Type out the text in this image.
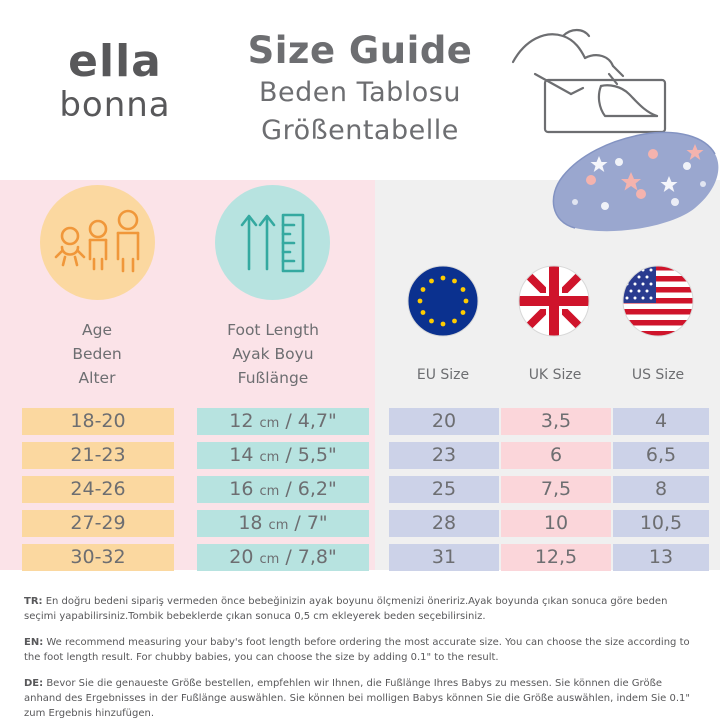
ella
bonna
Size Guide
Beden Tablosu
Größentabelle
Age
Beden
Alter
Foot Length
Ayak Boyu
Fußlänge
18-20
21-23
24-26
27-29
30-32
12 cm / 4,7"
14 cm / 5,5"
16 cm / 6,2"
18 cm / 7"
20 cm / 7,8"
EU Size	UK Size	US Size
20
23
25
28
31
3,5
6
7,5
10
12,5
4
6,5
8
10,5
13
TR: En doğru bedeni sipariş vermeden önce bebeğinizin ayak boyunu ölçmenizi öneririz.Ayak boyunda çıkan sonuca göre beden seçimi yapabilirsiniz.Tombik bebeklerde çıkan sonuca 0,5 cm ekleyerek beden seçebilirsiniz.
EN: We recommend measuring your baby's foot length before ordering the most accurate size. You can choose the size according to the foot length result. For chubby babies, you can choose the size by adding 0.1" to the result.
DE: Bevor Sie die genaueste Größe bestellen, empfehlen wir Ihnen, die Fußlänge Ihres Babys zu messen. Sie können die Größe anhand des Ergebnisses in der Fußlänge auswählen. Sie können bei molligen Babys können Sie die Größe auswählen, indem Sie 0.1" zum Ergebnis hinzufügen.
